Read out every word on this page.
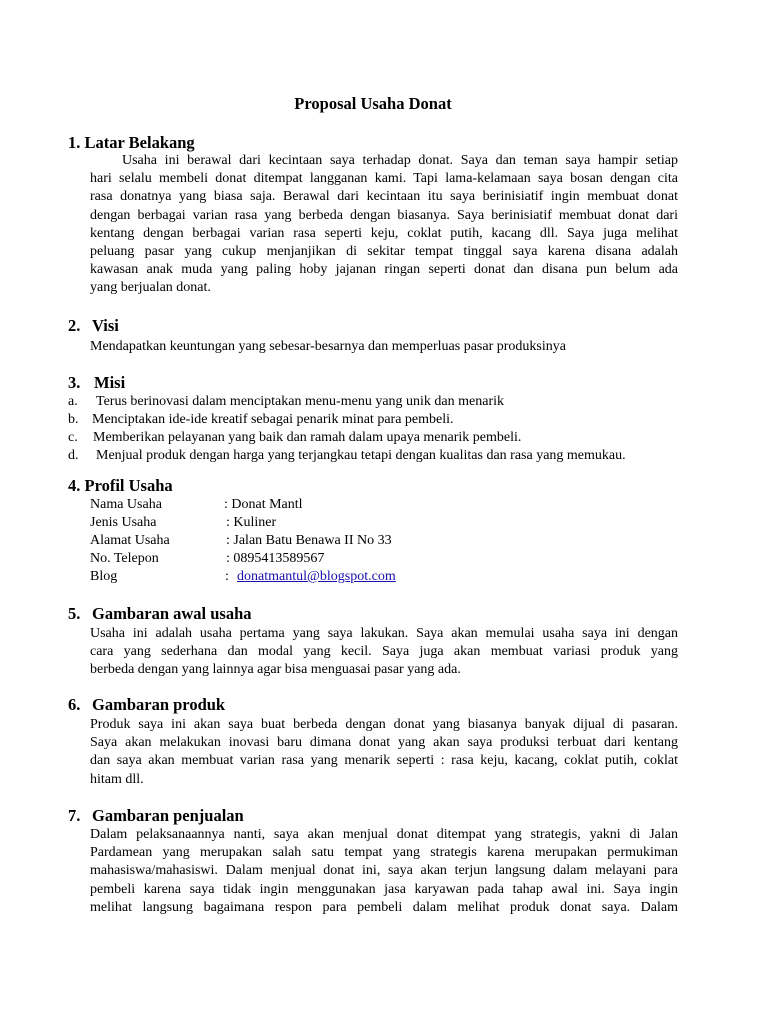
Proposal Usaha Donat
1. Latar Belakang
Usaha ini berawal dari kecintaan saya terhadap donat. Saya dan teman saya hampir setiap
hari selalu membeli donat ditempat langganan kami. Tapi lama-kelamaan saya bosan dengan cita
rasa donatnya yang biasa saja. Berawal dari kecintaan itu saya berinisiatif ingin membuat donat
dengan berbagai varian rasa yang berbeda dengan biasanya. Saya berinisiatif membuat donat dari
kentang dengan berbagai varian rasa seperti keju, coklat putih, kacang dll. Saya juga melihat
peluang pasar yang cukup menjanjikan di sekitar tempat tinggal saya karena disana adalah
kawasan anak muda yang paling hoby jajanan ringan seperti donat dan disana pun belum ada
yang berjualan donat.
2. Visi
Mendapatkan keuntungan yang sebesar-besarnya dan memperluas pasar produksinya
3. Misi
a. Terus berinovasi dalam menciptakan menu-menu yang unik dan menarik
b. Menciptakan ide-ide kreatif sebagai penarik minat para pembeli.
c. Memberikan pelayanan yang baik dan ramah dalam upaya menarik pembeli.
d. Menjual produk dengan harga yang terjangkau tetapi dengan kualitas dan rasa yang memukau.
4. Profil Usaha
Nama Usaha	: Donat Mantl
Jenis Usaha	: Kuliner
Alamat Usaha	: Jalan Batu Benawa II No 33
No. Telepon	: 0895413589567
Blog	: donatmantul@blogspot.com
5. Gambaran awal usaha
Usaha ini adalah usaha pertama yang saya lakukan. Saya akan memulai usaha saya ini dengan
cara yang sederhana dan modal yang kecil. Saya juga akan membuat variasi produk yang
berbeda dengan yang lainnya agar bisa menguasai pasar yang ada.
6. Gambaran produk
Produk saya ini akan saya buat berbeda dengan donat yang biasanya banyak dijual di pasaran.
Saya akan melakukan inovasi baru dimana donat yang akan saya produksi terbuat dari kentang
dan saya akan membuat varian rasa yang menarik seperti : rasa keju, kacang, coklat putih, coklat
hitam dll.
7. Gambaran penjualan
Dalam pelaksanaannya nanti, saya akan menjual donat ditempat yang strategis, yakni di Jalan
Pardamean yang merupakan salah satu tempat yang strategis karena merupakan permukiman
mahasiswa/mahasiswi. Dalam menjual donat ini, saya akan terjun langsung dalam melayani para
pembeli karena saya tidak ingin menggunakan jasa karyawan pada tahap awal ini. Saya ingin
melihat langsung bagaimana respon para pembeli dalam melihat produk donat saya. Dalam
